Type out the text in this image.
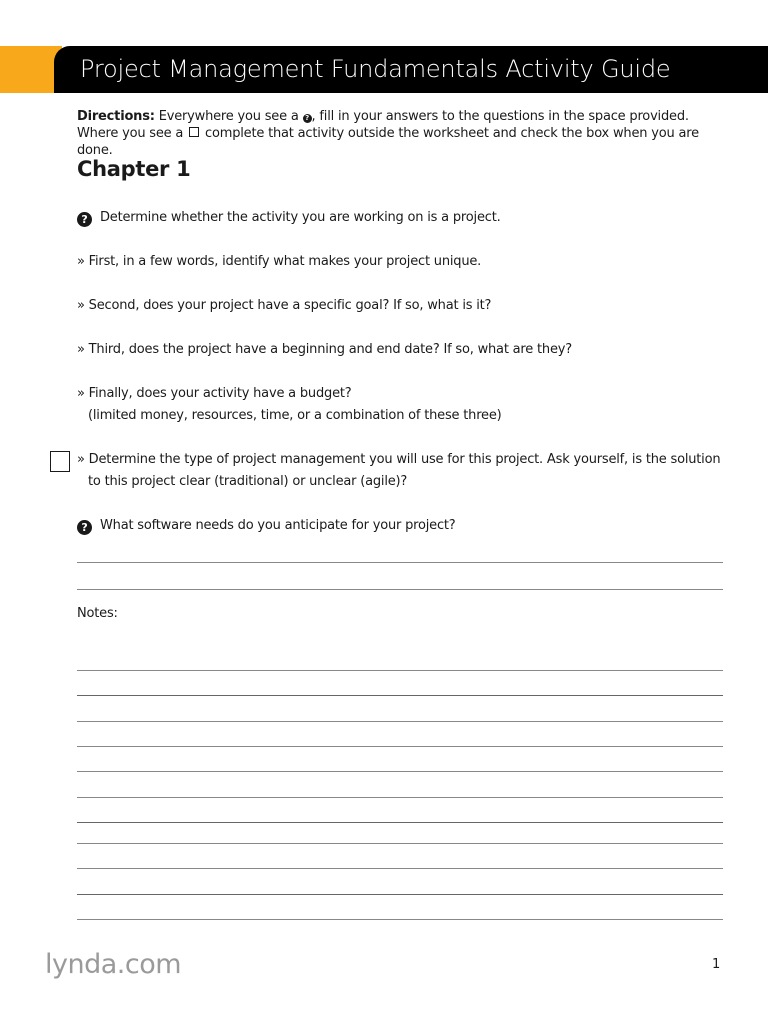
Project Management Fundamentals Activity Guide
Directions: Everywhere you see a ? , fill in your answers to the questions in the space provided. Where you see a  complete that activity outside the worksheet and check the box when you are done.
Chapter 1
? Determine whether the activity you are working on is a project.
» First, in a few words, identify what makes your project unique.
» Second, does your project have a specific goal? If so, what is it?
» Third, does the project have a beginning and end date? If so, what are they?
» Finally, does your activity have a budget?
(limited money, resources, time, or a combination of these three)
» Determine the type of project management you will use for this project. Ask yourself, is the solution
to this project clear (traditional) or unclear (agile)?
? What software needs do you anticipate for your project?
Notes:
lynda.com	1
